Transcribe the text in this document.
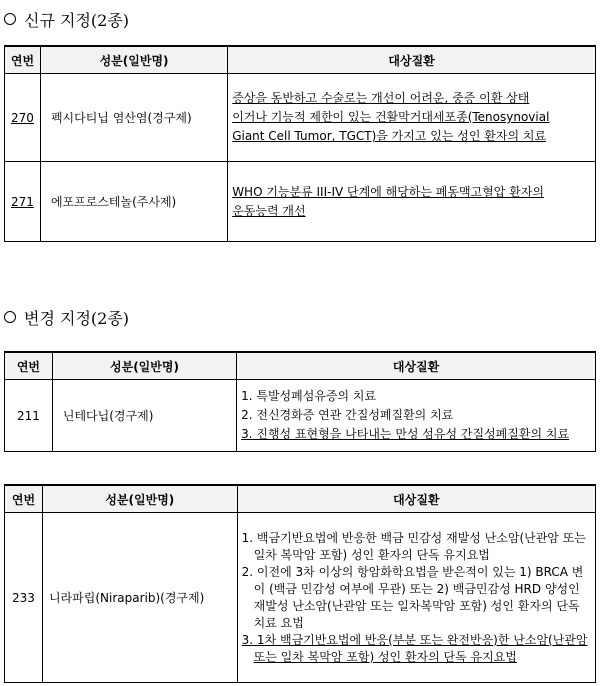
신규 지정(2종)
연번	성분(일반명)	대상질환
270	펙시다티닙 염산염(경구제)	증상을 동반하고 수술로는 개선이 어려운, 중증 이환 상태
이거나 기능적 제한이 있는 건활막거대세포종(Tenosynovial
Giant Cell Tumor, TGCT)을 가지고 있는 성인 환자의 치료

271	에포프로스테놀(주사제)	WHO 기능분류 III-IV 단계에 해당하는 폐동맥고혈압 환자의
운동능력 개선
변경 지정(2종)
연번	성분(일반명)	대상질환
211	닌테다닙(경구제)	1. 특발성폐섬유증의 치료
2. 전신경화증 연관 간질성폐질환의 치료
3. 진행성 표현형을 나타내는 만성 섬유성 간질성폐질환의 치료
연번	성분(일반명)	대상질환
233	니라파립(Niraparib)(경구제)	1. 백금기반요법에 반응한 백금 민감성 재발성 난소암(난관암 또는 일차 복막암 포함) 성인 환자의 단독 유지요법
2. 이전에 3차 이상의 항암화학요법을 받은적이 있는 1) BRCA 변이 (백금 민감성 여부에 무관) 또는 2) 백금민감성 HRD 양성인 재발성 난소암(난관암 또는 일차복막암 포함) 성인 환자의 단독 치료 요법
3. 1차 백금기반요법에 반응(부분 또는 완전반응)한 난소암(난관암 또는 일차 복막암 포함) 성인 환자의 단독 유지요법
